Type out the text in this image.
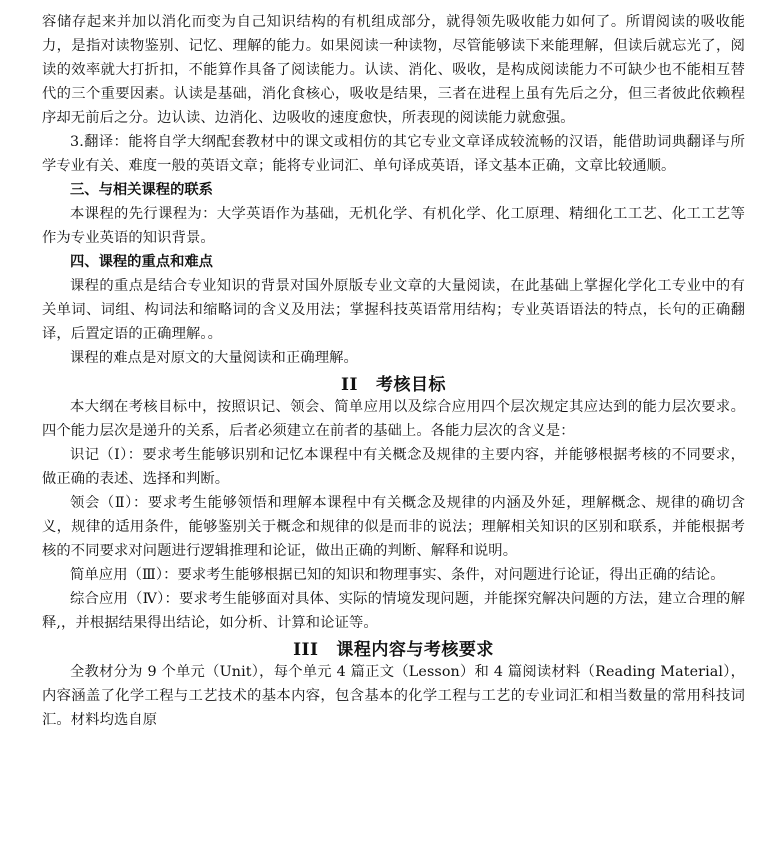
容储存起来并加以消化而变为自己知识结构的有机组成部分，就得领先吸收能力如何了。所谓阅读的吸收能力，是指对读物鉴别、记忆、理解的能力。如果阅读一种读物，尽管能够读下来能理解，但读后就忘光了，阅读的效率就大打折扣，不能算作具备了阅读能力。认读、消化、吸收，是构成阅读能力不可缺少也不能相互替代的三个重要因素。认读是基础，消化食核心，吸收是结果，三者在进程上虽有先后之分，但三者彼此依赖程序却无前后之分。边认读、边消化、边吸收的速度愈快，所表现的阅读能力就愈强。

3.翻译：能将自学大纲配套教材中的课文或相仿的其它专业文章译成较流畅的汉语，能借助词典翻译与所学专业有关、难度一般的英语文章；能将专业词汇、单句译成英语，译文基本正确，文章比较通顺。

三、与相关课程的联系

本课程的先行课程为：大学英语作为基础，无机化学、有机化学、化工原理、精细化工工艺、化工工艺等作为专业英语的知识背景。

四、课程的重点和难点

课程的重点是结合专业知识的背景对国外原版专业文章的大量阅读，在此基础上掌握化学化工专业中的有关单词、词组、构词法和缩略词的含义及用法；掌握科技英语常用结构；专业英语语法的特点，长句的正确翻译，后置定语的正确理解。。

课程的难点是对原文的大量阅读和正确理解。

II 考核目标

本大纲在考核目标中，按照识记、领会、简单应用以及综合应用四个层次规定其应达到的能力层次要求。四个能力层次是递升的关系，后者必须建立在前者的基础上。各能力层次的含义是：

识记（Ⅰ）：要求考生能够识别和记忆本课程中有关概念及规律的主要内容，并能够根据考核的不同要求，做正确的表述、选择和判断。

领会（Ⅱ）：要求考生能够领悟和理解本课程中有关概念及规律的内涵及外延，理解概念、规律的确切含义，规律的适用条件，能够鉴别关于概念和规律的似是而非的说法；理解相关知识的区别和联系，并能根据考核的不同要求对问题进行逻辑推理和论证，做出正确的判断、解释和说明。

简单应用（Ⅲ）：要求考生能够根据已知的知识和物理事实、条件，对问题进行论证，得出正确的结论。

综合应用（Ⅳ）：要求考生能够面对具体、实际的情境发现问题，并能探究解决问题的方法，建立合理的解释,，并根据结果得出结论，如分析、计算和论证等。

III 课程内容与考核要求

全教材分为 9 个单元（Unit），每个单元 4 篇正文（Lesson）和 4 篇阅读材料（Reading Material），内容涵盖了化学工程与工艺技术的基本内容，包含基本的化学工程与工艺的专业词汇和相当数量的常用科技词汇。材料均选自原
